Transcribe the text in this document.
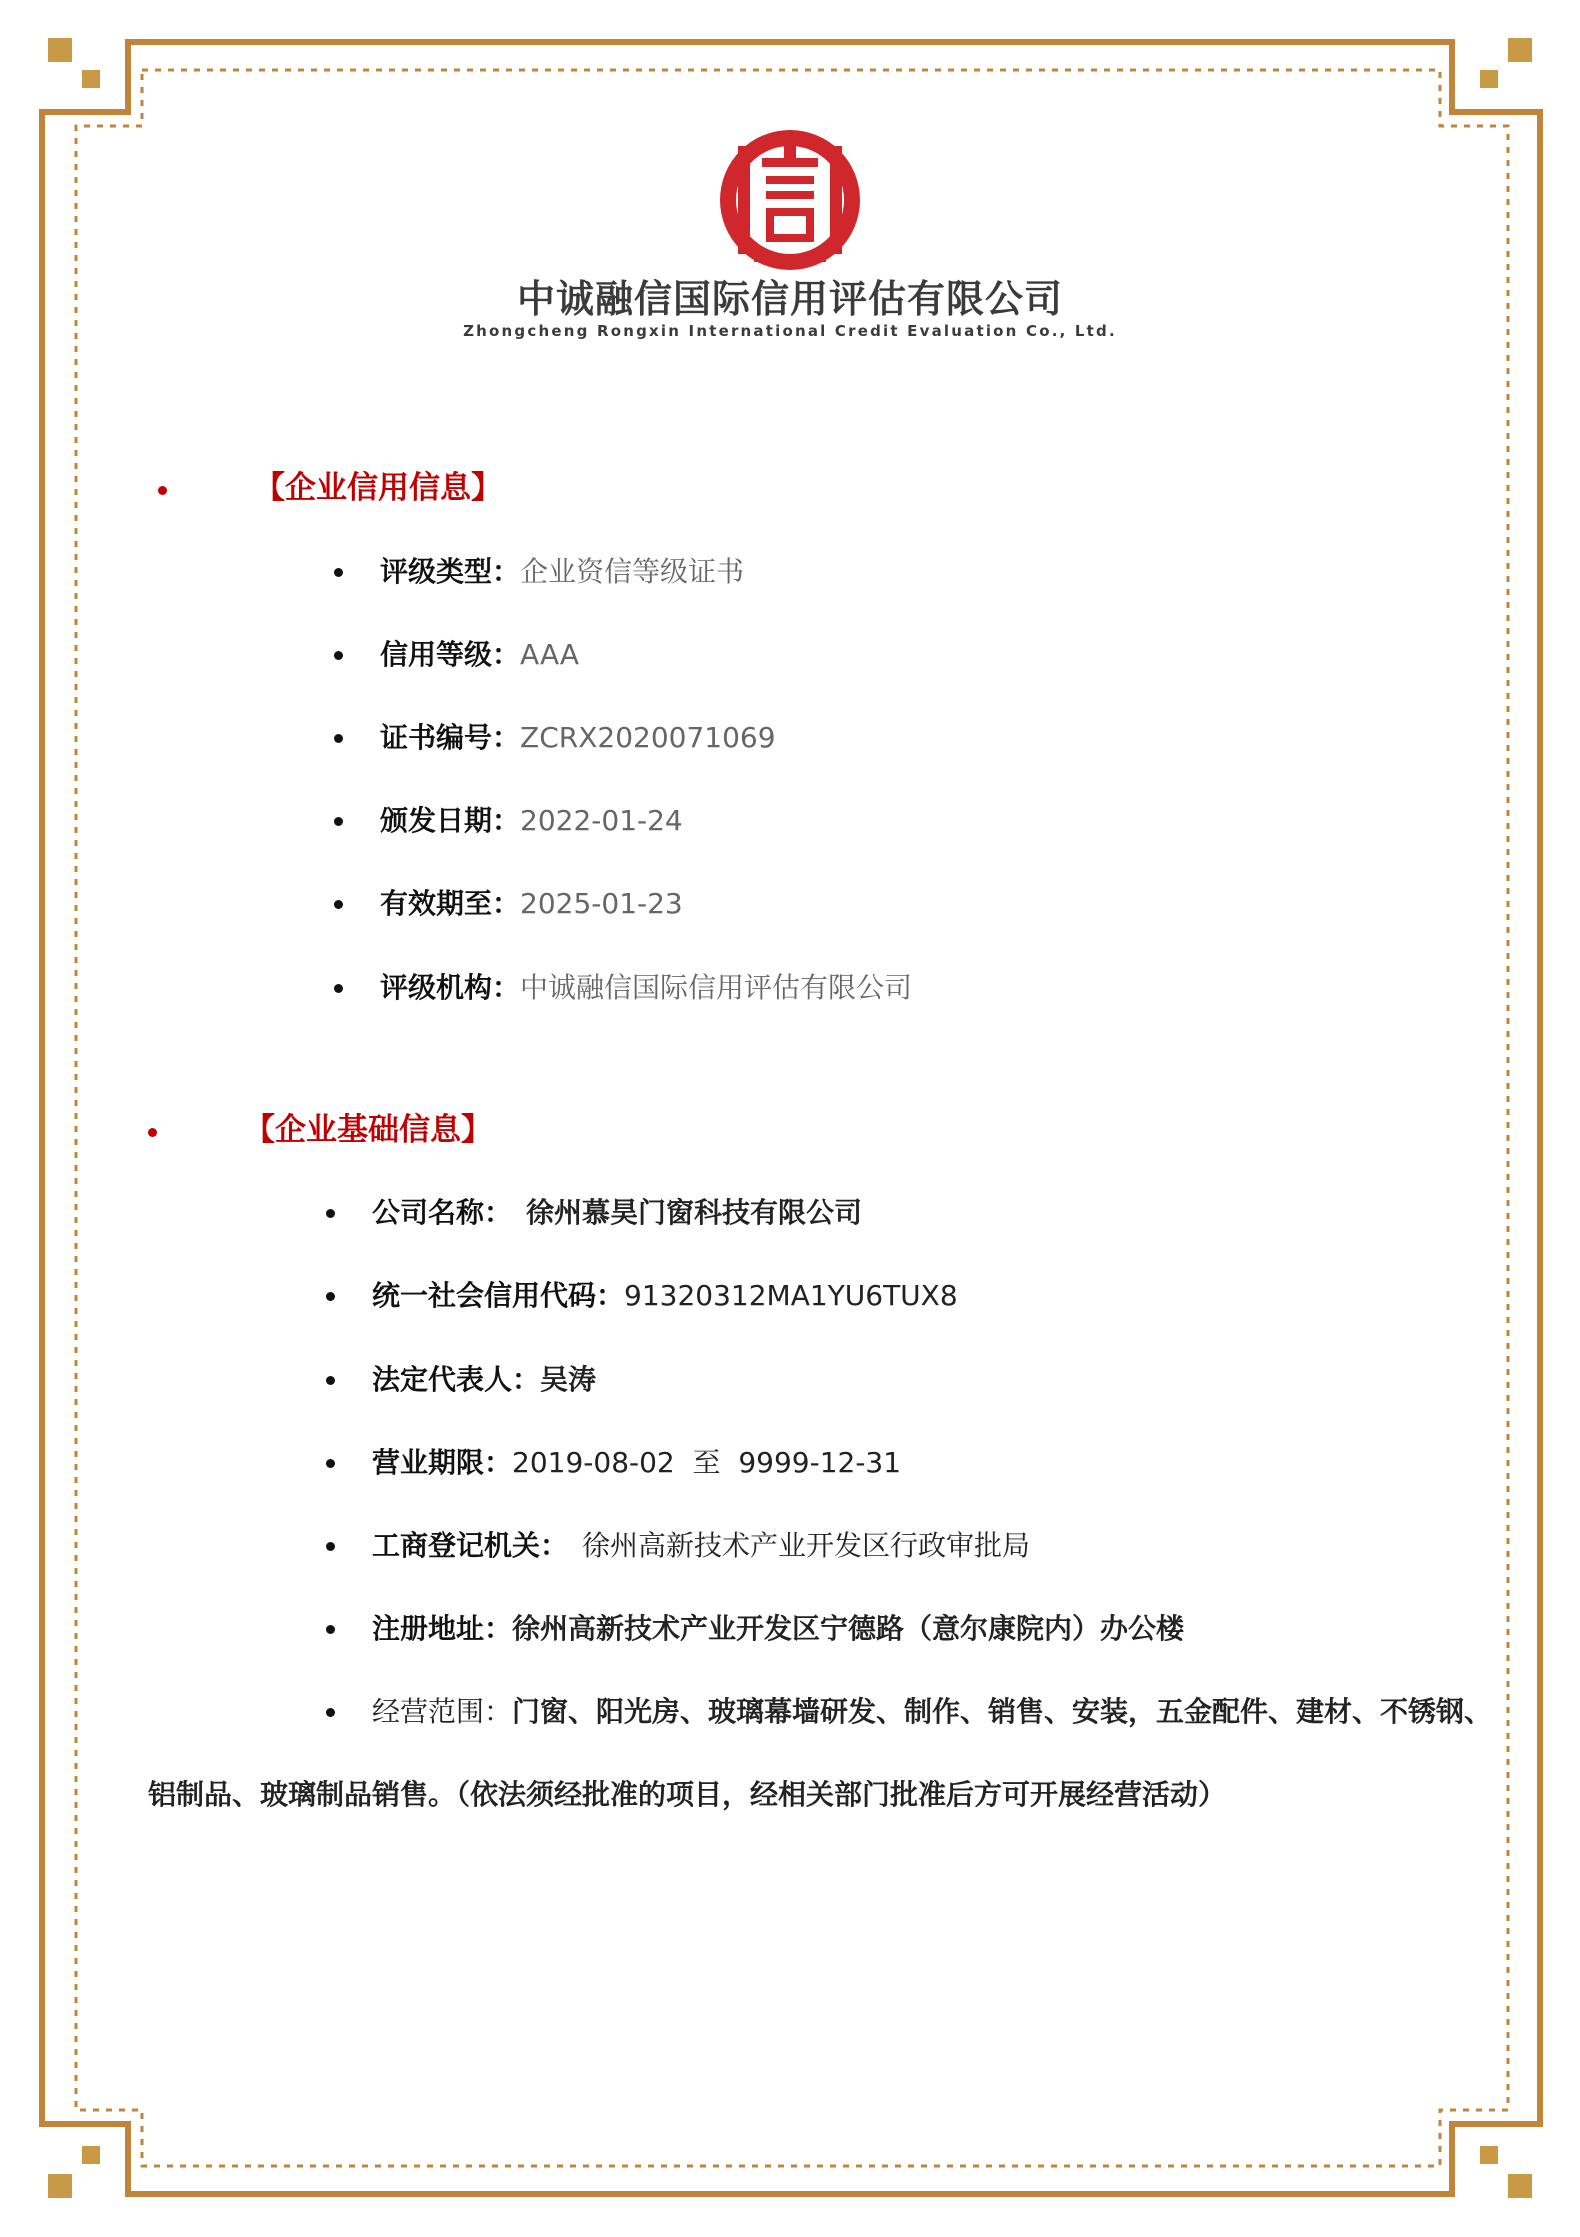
中诚融信国际信用评估有限公司
Zhongcheng Rongxin International Credit Evaluation Co., Ltd.
【企业信用信息】
评级类型：企业资信等级证书
信用等级：AAA
证书编号：ZCRX2020071069
颁发日期：2022-01-24
有效期至：2025-01-23
评级机构：中诚融信国际信用评估有限公司
【企业基础信息】
公司名称： 徐州慕昊门窗科技有限公司
统一社会信用代码：91320312MA1YU6TUX8
法定代表人：吴涛
营业期限：2019-08-02  至  9999-12-31
工商登记机关： 徐州高新技术产业开发区行政审批局
注册地址：徐州高新技术产业开发区宁德路（意尔康院内）办公楼
经营范围：门窗、阳光房、玻璃幕墙研发、制作、销售、安装，五金配件、建材、不锈钢、
铝制品、玻璃制品销售。（依法须经批准的项目，经相关部门批准后方可开展经营活动）
